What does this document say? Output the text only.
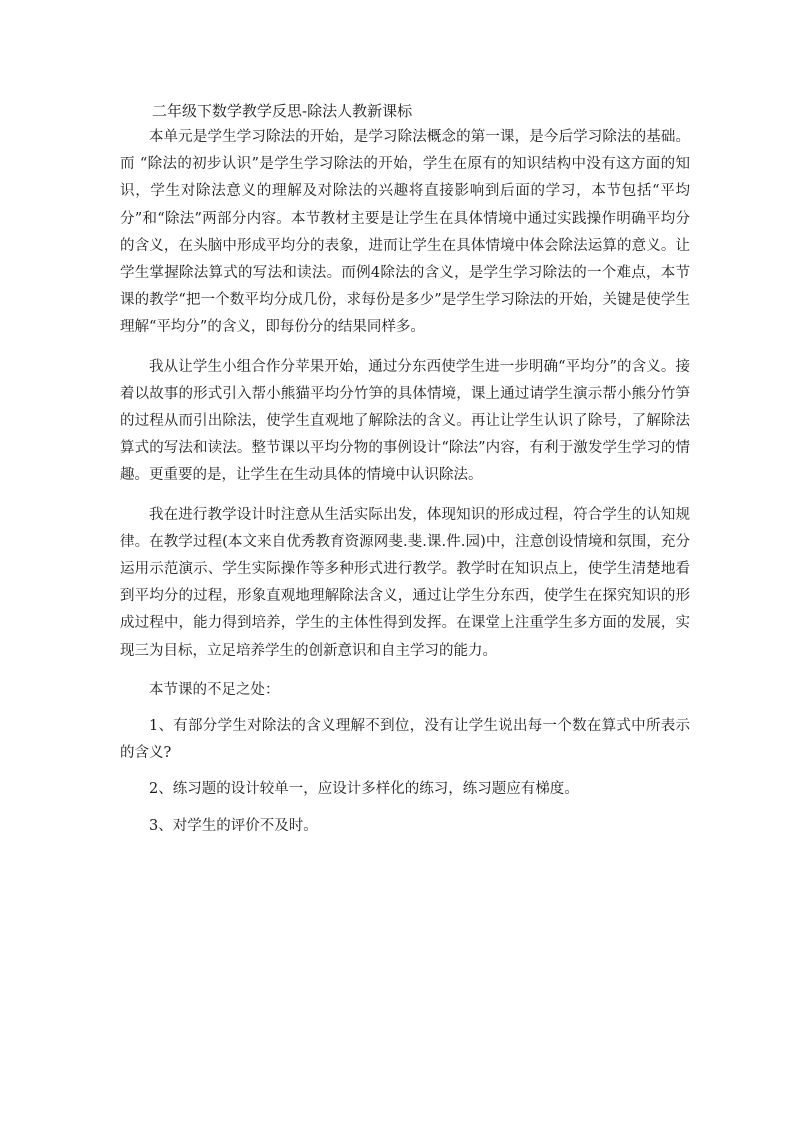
二年级下数学教学反思-除法人教新课标

本单元是学生学习除法的开始，是学习除法概念的第一课，是今后学习除法的基础。而 “除法的初步认识”是学生学习除法的开始，学生在原有的知识结构中没有这方面的知识，学生对除法意义的理解及对除法的兴趣将直接影响到后面的学习，本节包括“平均分”和“除法”两部分内容。本节教材主要是让学生在具体情境中通过实践操作明确平均分的含义，在头脑中形成平均分的表象，进而让学生在具体情境中体会除法运算的意义。让学生掌握除法算式的写法和读法。而例4除法的含义，是学生学习除法的一个难点，本节课的教学“把一个数平均分成几份，求每份是多少”是学生学习除法的开始，关键是使学生理解“平均分”的含义，即每份分的结果同样多。

我从让学生小组合作分苹果开始，通过分东西使学生进一步明确“平均分”的含义。接着以故事的形式引入帮小熊猫平均分竹笋的具体情境，课上通过请学生演示帮小熊分竹笋的过程从而引出除法，使学生直观地了解除法的含义。再让让学生认识了除号，了解除法算式的写法和读法。整节课以平均分物的事例设计“除法”内容，有利于激发学生学习的情趣。更重要的是，让学生在生动具体的情境中认识除法。

我在进行教学设计时注意从生活实际出发，体现知识的形成过程，符合学生的认知规律。在教学过程(本文来自优秀教育资源网斐.斐.课.件.园)中，注意创设情境和氛围，充分运用示范演示、学生实际操作等多种形式进行教学。教学时在知识点上，使学生清楚地看到平均分的过程，形象直观地理解除法含义，通过让学生分东西，使学生在探究知识的形成过程中，能力得到培养，学生的主体性得到发挥。在课堂上注重学生多方面的发展，实现三为目标，立足培养学生的创新意识和自主学习的能力。

本节课的不足之处：

1、有部分学生对除法的含义理解不到位，没有让学生说出每一个数在算式中所表示的含义?

2、练习题的设计较单一，应设计多样化的练习，练习题应有梯度。

3、对学生的评价不及时。
